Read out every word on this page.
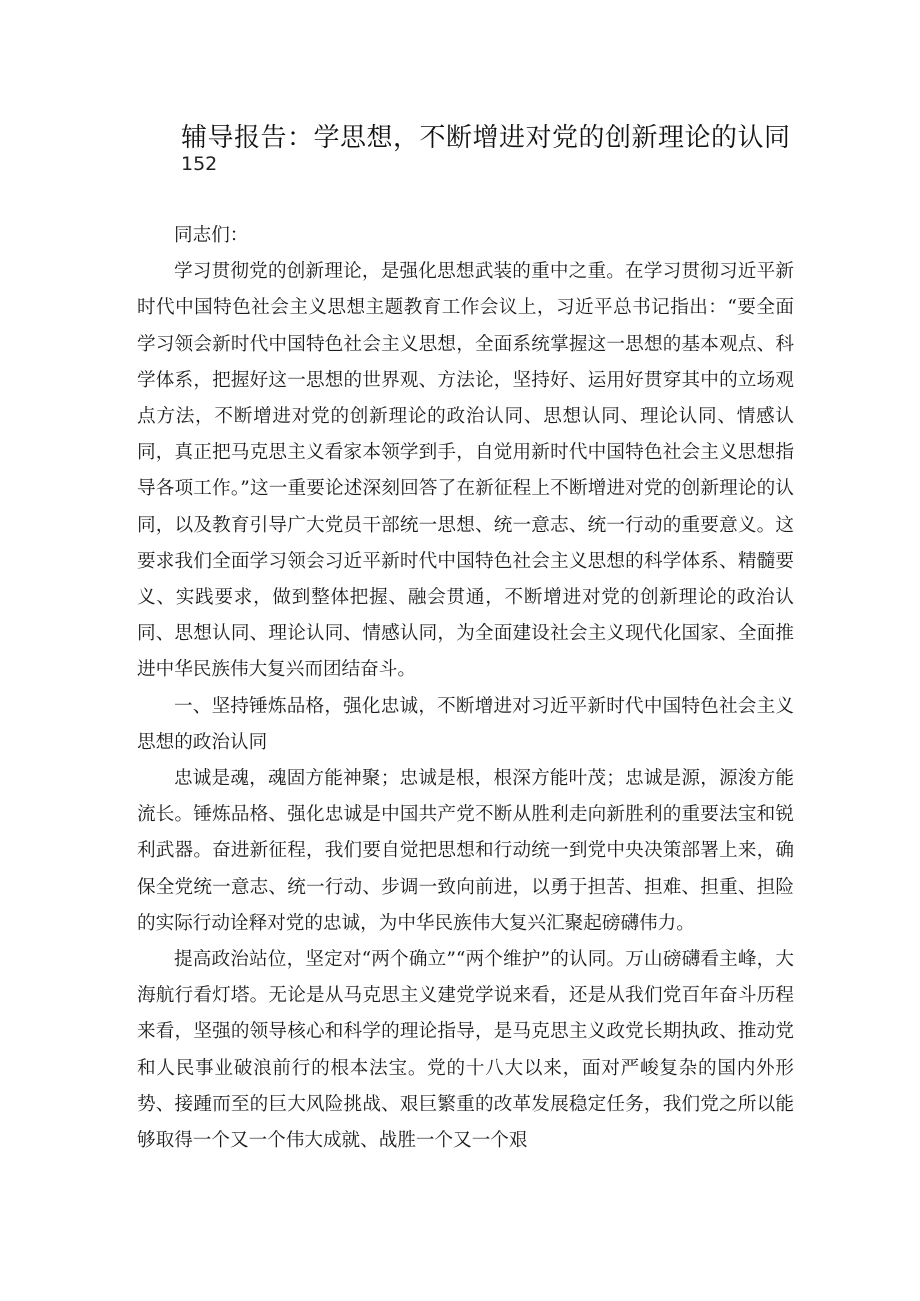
辅导报告：学思想，不断增进对党的创新理论的认同
152

同志们：

学习贯彻党的创新理论，是强化思想武装的重中之重。在学习贯彻习近平新时代中国特色社会主义思想主题教育工作会议上，习近平总书记指出：“要全面学习领会新时代中国特色社会主义思想，全面系统掌握这一思想的基本观点、科学体系，把握好这一思想的世界观、方法论，坚持好、运用好贯穿其中的立场观点方法，不断增进对党的创新理论的政治认同、思想认同、理论认同、情感认同，真正把马克思主义看家本领学到手，自觉用新时代中国特色社会主义思想指导各项工作。”这一重要论述深刻回答了在新征程上不断增进对党的创新理论的认同，以及教育引导广大党员干部统一思想、统一意志、统一行动的重要意义。这要求我们全面学习领会习近平新时代中国特色社会主义思想的科学体系、精髓要义、实践要求，做到整体把握、融会贯通，不断增进对党的创新理论的政治认同、思想认同、理论认同、情感认同，为全面建设社会主义现代化国家、全面推进中华民族伟大复兴而团结奋斗。

一、坚持锤炼品格，强化忠诚，不断增进对习近平新时代中国特色社会主义思想的政治认同

忠诚是魂，魂固方能神聚；忠诚是根，根深方能叶茂；忠诚是源，源浚方能流长。锤炼品格、强化忠诚是中国共产党不断从胜利走向新胜利的重要法宝和锐利武器。奋进新征程，我们要自觉把思想和行动统一到党中央决策部署上来，确保全党统一意志、统一行动、步调一致向前进，以勇于担苦、担难、担重、担险的实际行动诠释对党的忠诚，为中华民族伟大复兴汇聚起磅礴伟力。

提高政治站位，坚定对“两个确立”“两个维护”的认同。万山磅礴看主峰，大海航行看灯塔。无论是从马克思主义建党学说来看，还是从我们党百年奋斗历程来看，坚强的领导核心和科学的理论指导，是马克思主义政党长期执政、推动党和人民事业破浪前行的根本法宝。党的十八大以来，面对严峻复杂的国内外形势、接踵而至的巨大风险挑战、艰巨繁重的改革发展稳定任务，我们党之所以能够取得一个又一个伟大成就、战胜一个又一个艰
